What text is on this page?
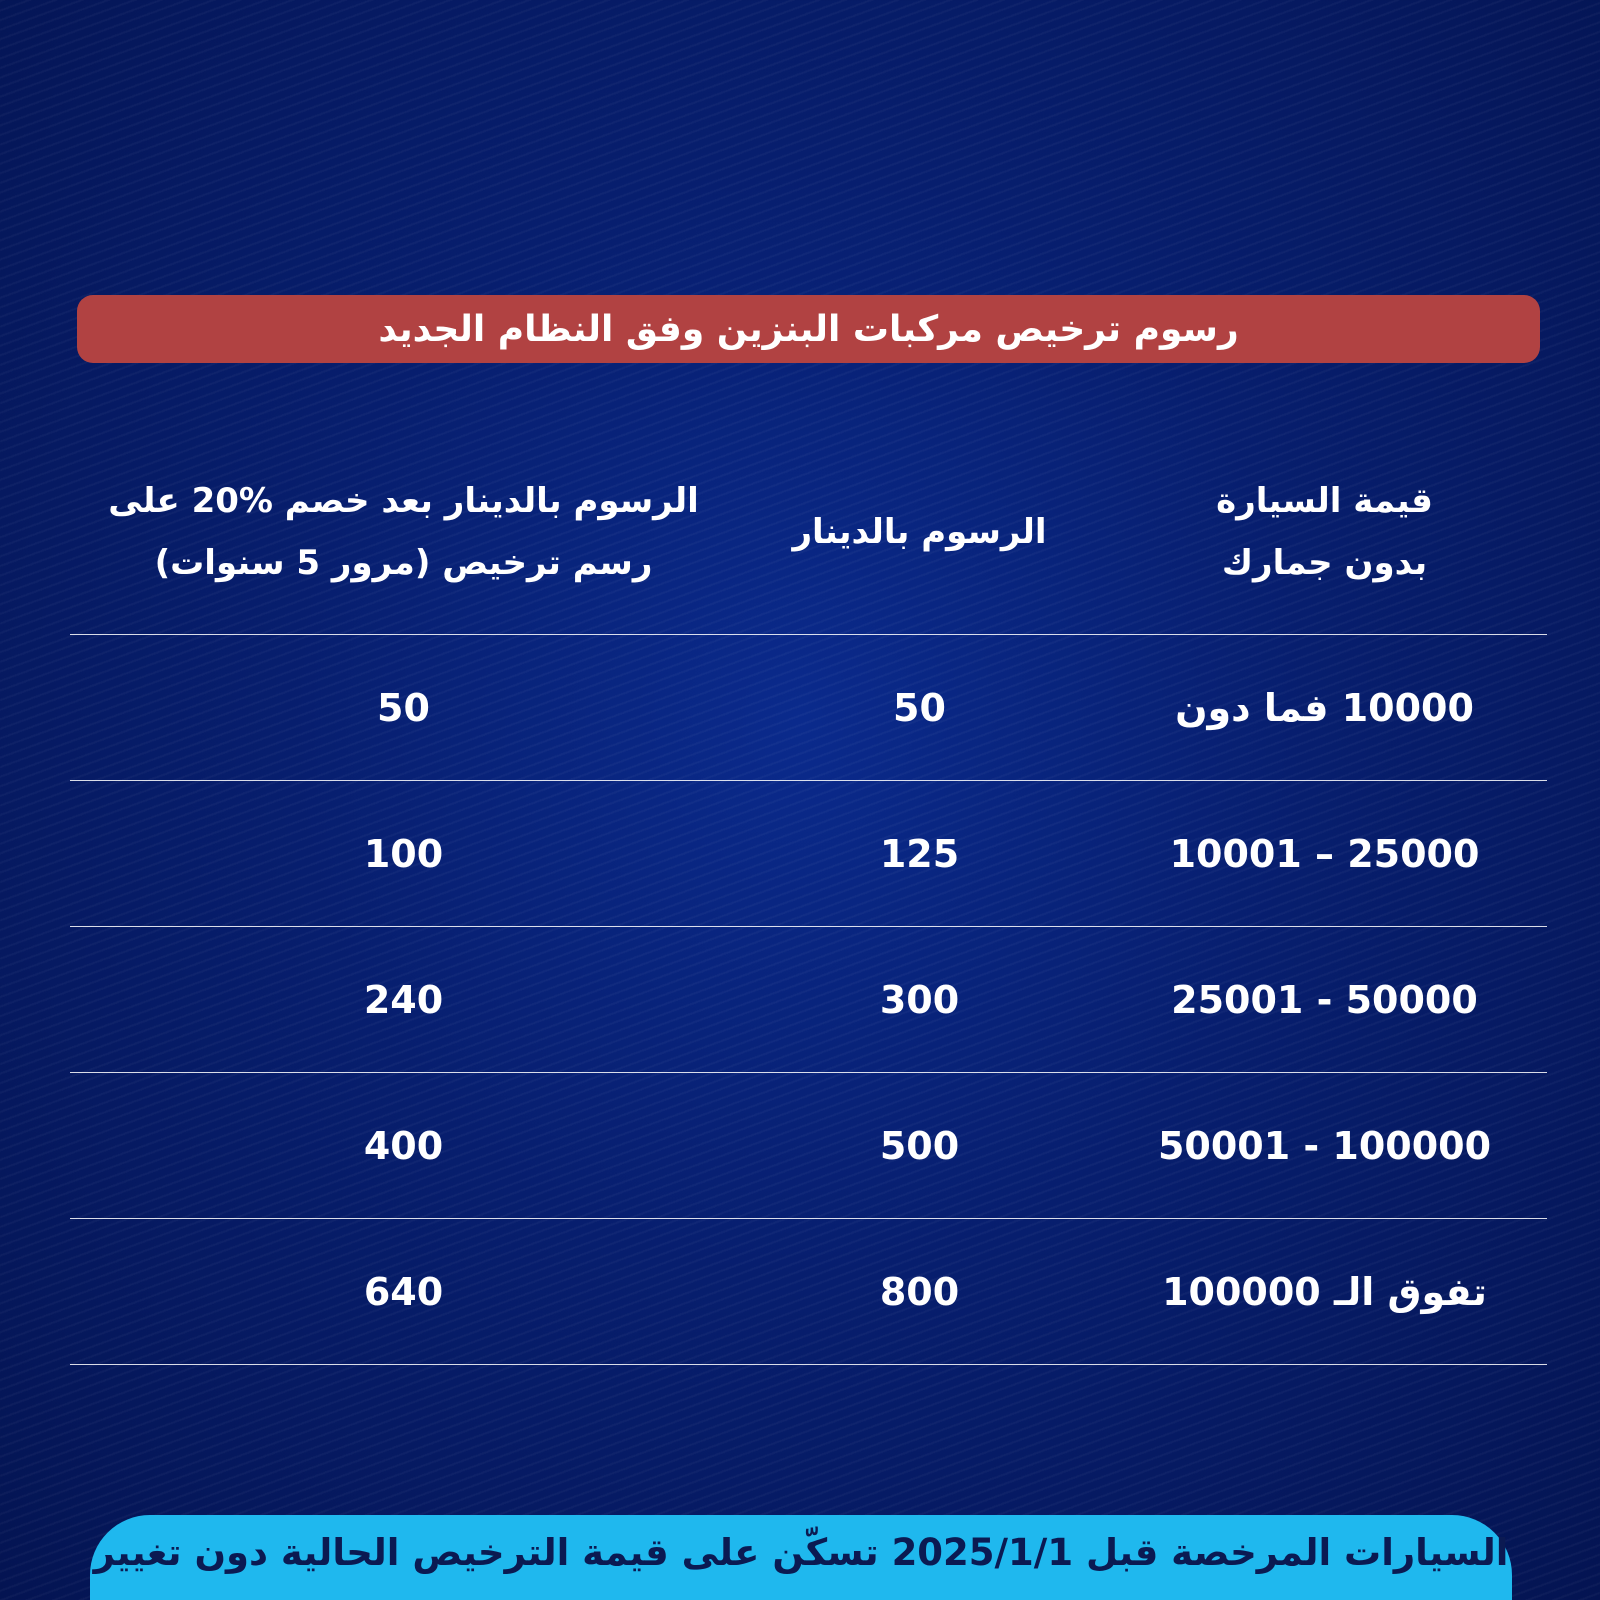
رسوم ترخيص مركبات البنزين وفق النظام الجديد
قيمة السيارة
بدون جمارك
الرسوم بالدينار
الرسوم بالدينار بعد خصم %20 على
رسم ترخيص (مرور 5 سنوات)
10000 فما دون
50
50
10001 – 25000
125
100
25001 - 50000
300
240
50001 - 100000
500
400
تفوق الـ 100000
800
640
السيارات المرخصة قبل 2025/1/1 تسكّن على قيمة الترخيص الحالية دون تغيير
